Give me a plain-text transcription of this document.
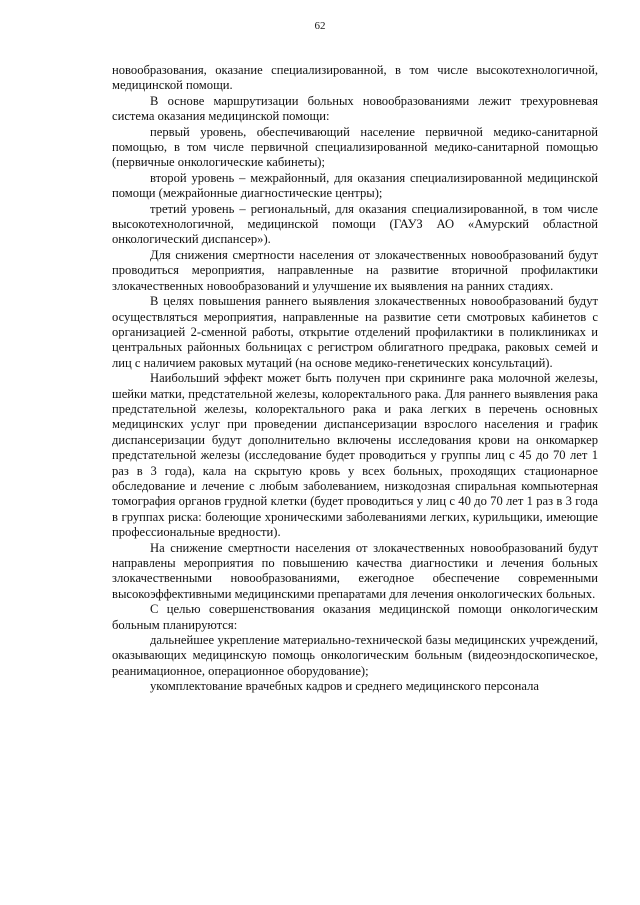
62

новообразования, оказание специализированной, в том числе высокотехнологичной, медицинской помощи.

В основе маршрутизации больных новообразованиями лежит трехуровневая система оказания медицинской помощи:

первый уровень, обеспечивающий население первичной медико-санитарной помощью, в том числе первичной специализированной медико-санитарной помощью (первичные онкологические кабинеты);

второй уровень – межрайонный, для оказания специализированной медицинской помощи (межрайонные диагностические центры);

третий уровень – региональный, для оказания специализированной, в том числе высокотехнологичной, медицинской помощи (ГАУЗ АО «Амурский областной онкологический диспансер»).

Для снижения смертности населения от злокачественных новообразований будут проводиться мероприятия, направленные на развитие вторичной профилактики злокачественных новообразований и улучшение их выявления на ранних стадиях.

В целях повышения раннего выявления злокачественных новообразований будут осуществляться мероприятия, направленные на развитие сети смотровых кабинетов с организацией 2-сменной работы, открытие отделений профилактики в поликлиниках и центральных районных больницах с регистром облигатного предрака, раковых семей и лиц с наличием раковых мутаций (на основе медико-генетических консультаций).

Наибольший эффект может быть получен при скрининге рака молочной железы, шейки матки, предстательной железы, колоректального рака. Для раннего выявления рака предстательной железы, колоректального рака и рака легких в перечень основных медицинских услуг при проведении диспансеризации взрослого населения и график диспансеризации будут дополнительно включены исследования крови на онкомаркер предстательной железы (исследование будет проводиться у группы лиц с 45 до 70 лет 1 раз в 3 года), кала на скрытую кровь у всех больных, проходящих стационарное обследование и лечение с любым заболеванием, низкодозная спиральная компьютерная томография органов грудной клетки (будет проводиться у лиц с 40 до 70 лет 1 раз в 3 года в группах риска: болеющие хроническими заболеваниями легких, курильщики, имеющие профессиональные вредности).

На снижение смертности населения от злокачественных новообразований будут направлены мероприятия по повышению качества диагностики и лечения больных злокачественными новообразованиями, ежегодное обеспечение современными высокоэффективными медицинскими препаратами для лечения онкологических больных.

С целью совершенствования оказания медицинской помощи онкологическим больным планируются:

дальнейшее укрепление материально-технической базы медицинских учреждений, оказывающих медицинскую помощь онкологическим больным (видеоэндоскопическое, реанимационное, операционное оборудование);

укомплектование врачебных кадров и среднего медицинского персонала
